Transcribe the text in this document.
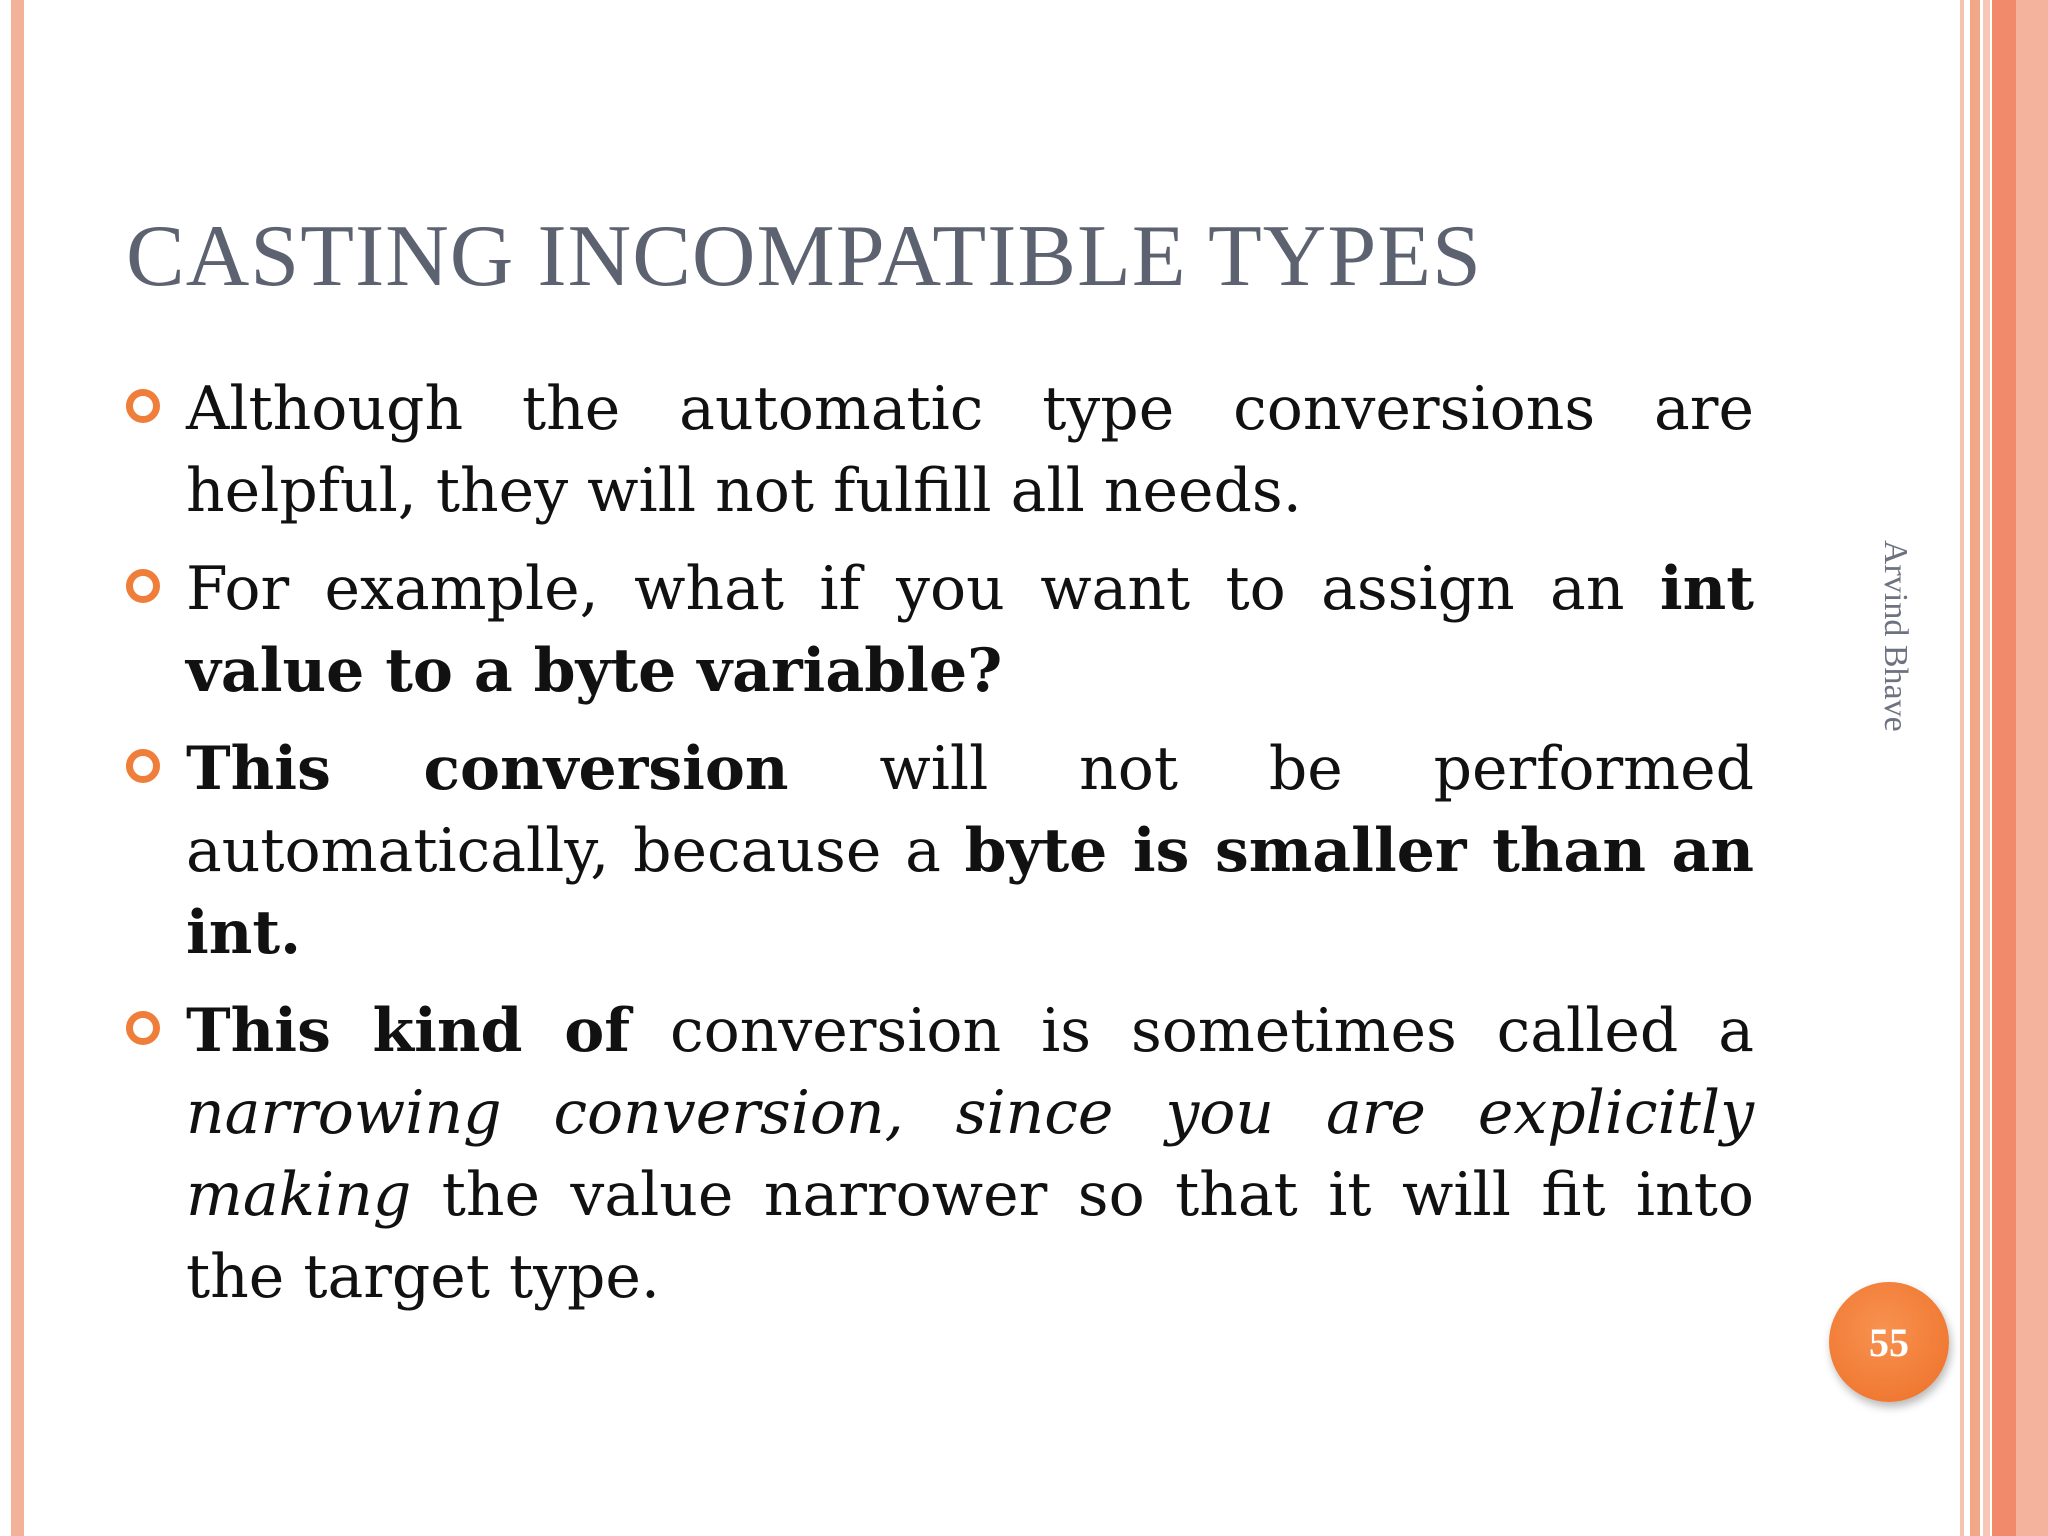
CASTING INCOMPATIBLE TYPES
Although the automatic type conversions are helpful, they will not fulfill all needs.
For example, what if you want to assign an int value to a byte variable?
This conversion will not be performed automatically, because a byte is smaller than an int.
This kind of conversion is sometimes called a narrowing conversion, since you are explicitly making the value narrower so that it will fit into the target type.
Arvind Bhave
55
